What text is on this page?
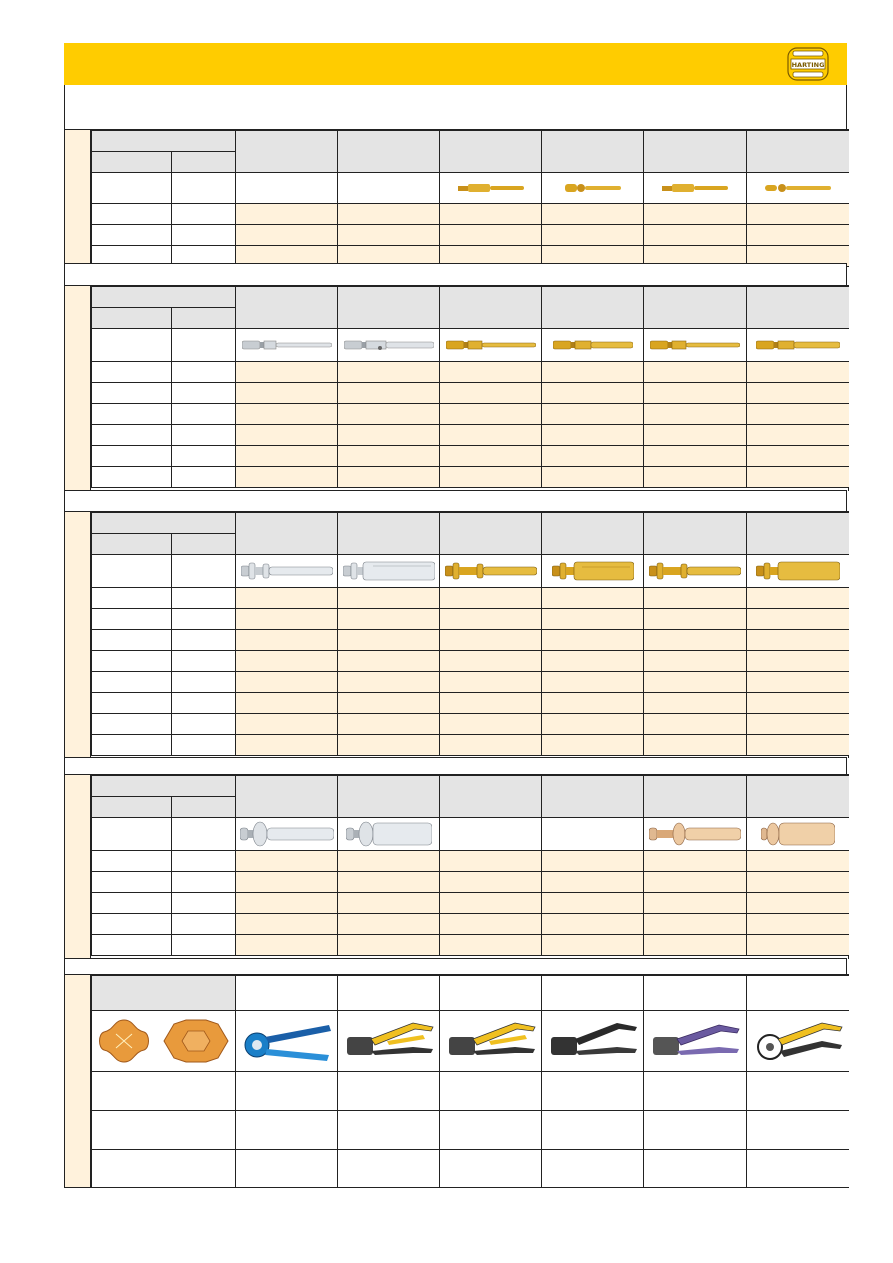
HARTING

DMC
